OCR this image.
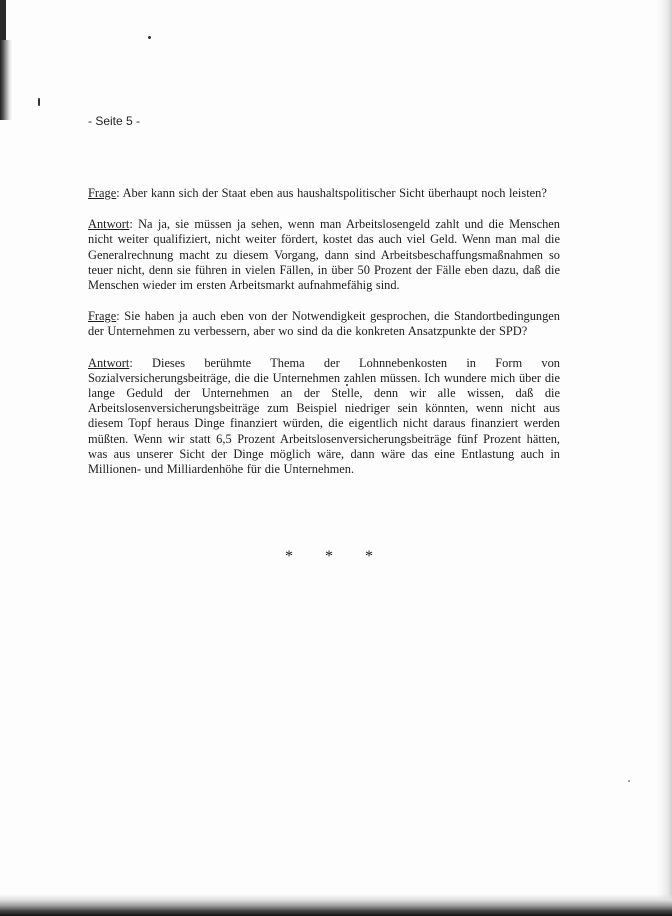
- Seite 5 -

Frage: Aber kann sich der Staat eben aus haushaltspolitischer Sicht überhaupt noch leisten?

Antwort: Na ja, sie müssen ja sehen, wenn man Arbeitslosengeld zahlt und die Menschen nicht weiter qualifiziert, nicht weiter fördert, kostet das auch viel Geld. Wenn man mal die Generalrechnung macht zu diesem Vorgang, dann sind Arbeitsbeschaffungsmaßnahmen so teuer nicht, denn sie führen in vielen Fällen, in über 50 Prozent der Fälle eben dazu, daß die Menschen wieder im ersten Arbeitsmarkt aufnahmefähig sind.

Frage: Sie haben ja auch eben von der Notwendigkeit gesprochen, die Standortbedingungen der Unternehmen zu verbessern, aber wo sind da die konkreten Ansatzpunkte der SPD?

Antwort: Dieses berühmte Thema der Lohnnebenkosten in Form von Sozialversicherungsbeiträge, die die Unternehmen zahlen müssen. Ich wundere mich über die lange Geduld der Unternehmen an der Stelle, denn wir alle wissen, daß die Arbeitslosenversicherungsbeiträge zum Beispiel niedriger sein könnten, wenn nicht aus diesem Topf heraus Dinge finanziert würden, die eigentlich nicht daraus finanziert werden müßten. Wenn wir statt 6,5 Prozent Arbeitslosenversicherungsbeiträge fünf Prozent hätten, was aus unserer Sicht der Dinge möglich wäre, dann wäre das eine Entlastung auch in Millionen- und Milliardenhöhe für die Unternehmen.

* * *
